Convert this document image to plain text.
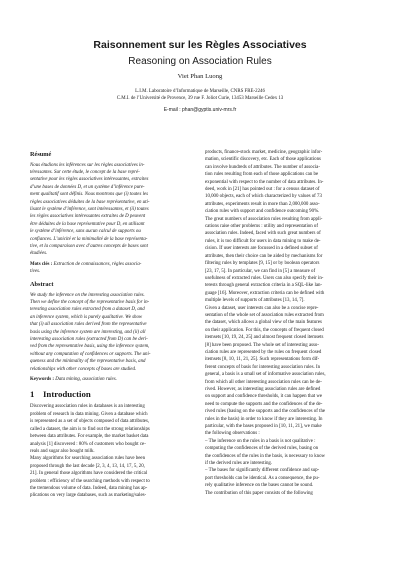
Raisonnement sur les Règles Associatives
Reasoning on Association Rules
Viet Phan Luong
L.I.M. Laboratoire d’Informatique de Marseille, CNRS FRE-2246
C.M.I. de l’Université de Provence, 39 rue F. Joliot Curie, 13453 Marseille Cedex 13
E-mail : phan@gyptis.univ-mrs.fr
Résumé

Nous étudions les inférences sur les règles associatives in-

téressantes. Sur cette étude, le concept de la base repré-

sentative pour les règles associatives intéressantes, extraites

d’une bases de données D, et un système d’inférence pure-

ment qualitatif sont définis. Nous montrons que (i) toutes les

règles associatives déduites de la base représentative, en uti-

lisant le système d’inférence, sont intéressantes, et (ii) toutes

les règles associatives intéressantes extraites de D peuvent

être déduites de la base représentative pour D, en utilisant

le système d’inférence, sans aucun calcul de supports ou

confiances. L’unicité et la minimalité de la base représenta-

tive, et la comparaison avec d’autres concepts de bases sont

étudiées.

Mots clés : Extraction de connaissances, règles associa-

tives.

Abstract

We study the inference on the interesting association rules.

Then we define the concept of the representative basis for in-

teresting association rules extracted from a dataset D, and

an inference system, which is purely qualitative. We show

that (i) all association rules derived from the representative

basis using the inference system are interesting, and (ii) all

interesting association rules (extracted from D) can be deri-

ved from the representative basis, using the inference system,

without any computation of confidences or supports. The uni-

queness and the minimality of the representative basis, and

relationships with other concepts of bases are studied.

Keywords : Data mining, association rules.

1 Introduction

Discovering association rules in databases is an interesting

problem of research in data mining. Given a database which

is represented as a set of objects composed of data attributes,

called a dataset, the aim is to find out the strong relationships

between data attributes. For example, the market basket data

analysis [1] discovered : 80% of customers who bought ce-

reals and sugar also bought milk.

Many algorithms for searching association rules have been

proposed through the last decade [2, 3, 4, 13, 14, 17, 5, 20,

21]. In general those algorithms have considered the critical

problem : efficiency of the searching methods with respect to

the tremendous volume of data. Indeed, data mining has ap-

plications on very large databases, such as marketing/sales-

products, finance-stock market, medicine, geographic infor-

mation, scientific discovery, etc. Each of those applications

can involve hundreds of attributes. The number of associa-

tion rules resulting from each of those applications can be

exponential with respect to the number of data attributes. In-

deed, work in [21] has pointed out : for a census dataset of

10,000 objects, each of which characterized by values of 73

attributes, experiments result in more than 2,000,000 asso-

ciation rules with support and confidence outcoming 90%.

The great numbers of association rules resulting from appli-

cations raise other problems : utility and representation of

association rules. Indeed, faced with such great numbers of

rules, it is too difficult for users in data mining to make de-

cision. If user interests are focussed in a defined subset of

attributes, then their choice can be aided by mechanisms for

filtering rules by templates [9, 15] or by boolean operators

[23, 17, 5]. In particular, we can find in [5] a measure of

usefulness of extracted rules. Users can also specify their in-

terests through general extraction criteria in a SQL-like lan-

guage [16]. Moreover, extraction criteria can be defined with

multiple levels of supports of attributes [13, 14, 7].

Given a dataset, user interests can also be a concise repre-

sentation of the whole set of association rules extracted from

the dataset, which allows a global view of the main features

on their application. For this, the concepts of frequent closed

itemsets [10, 19, 24, 25] and almost frequent closed itemsets

[8] have been proposed. The whole set of interesting asso-

ciation rules are represented by the rules on frequent closed

itemsets [8, 10, 11, 21, 25]. Such representations form dif-

ferent concepts of basis for interesting association rules. In

general, a basis is a small set of informative association rules,

from which all other interesting association rules can be de-

rived. However, as interesting association rules are defined

on support and confidence thresholds, it can happen that we

need to compute the supports and the confidences of the de-

rived rules (basing on the supports and the confidences of the

rules in the basis) in order to know if they are interesting. In

particular, with the bases proposed in [10, 11, 21], we make

the following observations :

– The inference on the rules in a basis is not qualitative :

computing the confidences of the derived rules, basing on

the confidences of the rules in the basis, is necessary to know

if the derived rules are interesting.

– The bases for significantly different confidence and sup-

port thresholds can be identical. As a consequence, the pu-

rely qualitative inference on the bases cannot be sound.

The contribution of this paper consists of the following
